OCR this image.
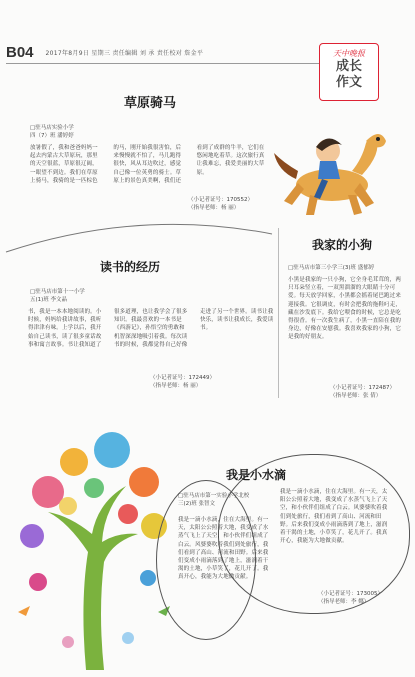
B04 2017年8月9日 星期三 责任编辑 刘 承 责任校对 詹金平	天中晚报
成长
作文
草原骑马
□驻马店实验小学
四（7）班 潘婷婷
放暑假了，我和爸爸妈妈一起去内蒙古大草原玩，那里的天空很蓝，草原很辽阔，一眼望不到边。我们在草原上骑马，我骑的是一匹棕色的马，刚开始我很害怕，后来慢慢就不怕了，马儿跑得很快，风从耳边吹过，感觉自己像一位英勇的骑士。草原上的景色真美啊，我们还看到了成群的牛羊，它们在悠闲地吃着草。这次旅行真让我难忘，我爱美丽的大草原。
（小记者证号：170552）
（指导老师：杨 丽）
读书的经历
□驻马店市第十一小学
五(1)班 李文晶
书，我是一本本地阅读的。小时候，妈妈给我讲故事，我听得津津有味。上学以后，我开始自己读书，读了很多童话故事和寓言故事。书让我知道了很多道理，也让我学会了很多知识。我最喜欢的一本书是《西游记》，孙悟空的勇敢和机智深深地吸引着我。每次读书的时候，我都觉得自己好像走进了另一个世界。读书让我快乐，读书让我成长，我爱读书。
（小记者证号：172449）
（指导老师：杨 丽）
我家的小狗
□驻马店市第三小学三(3)班 盛郁婷
小黑是我家的一只小狗，它全身毛茸茸的，两只耳朵竖立着，一双黑溜溜的大眼睛十分可爱。每天放学回家，小黑都会摇着尾巴跑过来迎接我。它很调皮，有时会把我的拖鞋叼走，藏在沙发底下。我给它喂食的时候，它总是吃得很香。有一次我生病了，小黑一直陪在我的身边，好像在安慰我。我喜欢我家的小狗，它是我的好朋友。
（小记者证号：172487）
（指导老师：张 倩）
我是小水滴
□驻马店市第一实验小学北校
三(2)班 张智文
我是一滴小水滴，住在大海里。有一天，太阳公公照着大地，我变成了水蒸气飞上了天空，和小伙伴们组成了白云。风婆婆吹着我们到处旅行，我们看到了高山、河流和田野。后来我们变成小雨滴落到了地上，滋润着干渴的土地，小草笑了，花儿开了。我真开心，我能为大地做贡献。
我是一滴小水滴，住在大海里。有一天，太阳公公照着大地，我变成了水蒸气飞上了天空，和小伙伴们组成了白云。风婆婆吹着我们到处旅行，我们看到了高山、河流和田野。后来我们变成小雨滴落到了地上，滋润着干渴的土地，小草笑了，花儿开了。我真开心，我能为大地做贡献。
（小记者证号：173005）
（指导老师：李 娜）
